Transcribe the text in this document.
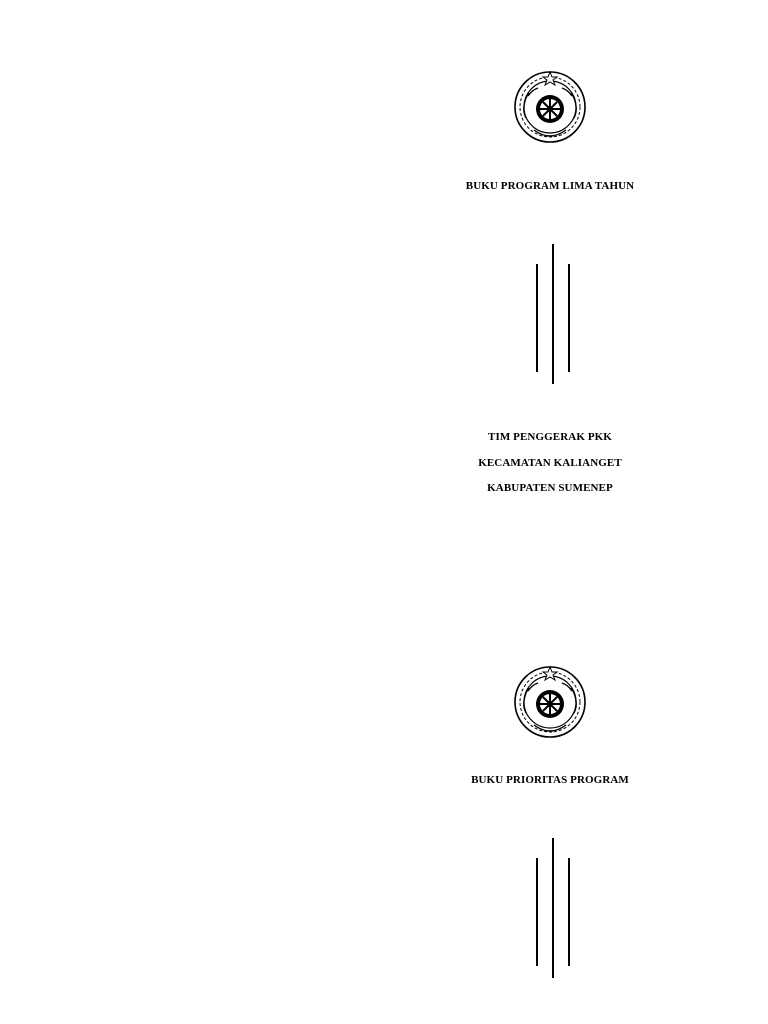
BUKU PROGRAM LIMA TAHUN
TIM PENGGERAK PKK
KECAMATAN KALIANGET
KABUPATEN SUMENEP
BUKU PRIORITAS PROGRAM
